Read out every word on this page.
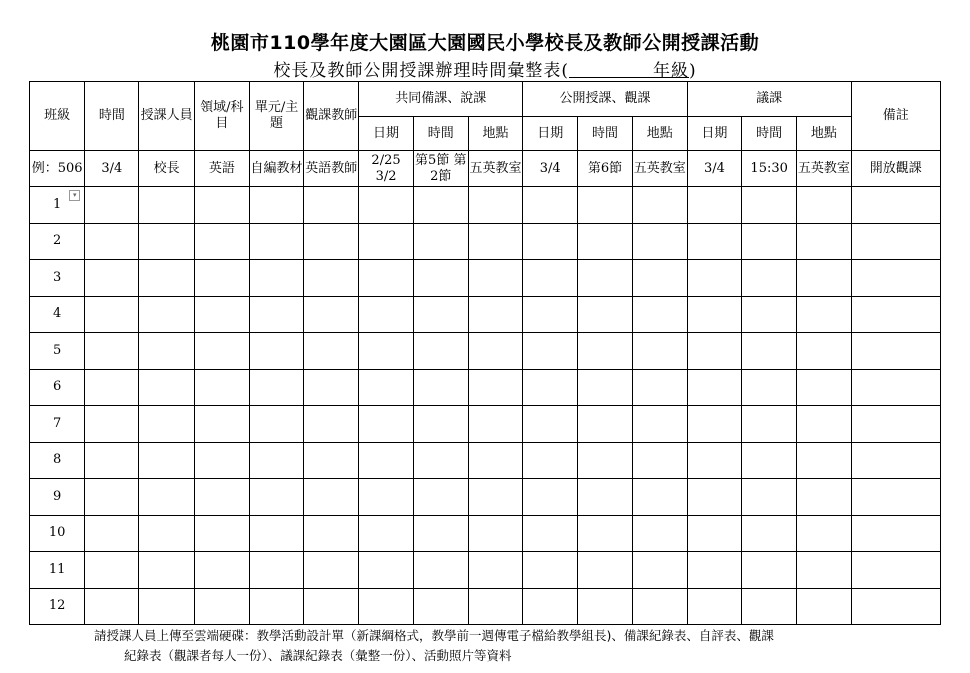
桃園市110學年度大園區大園國民小學校長及教師公開授課活動
校長及教師公開授課辦理時間彙整表(	年級)
班級	時間	授課人員	領域/科目	單元/主題	觀課教師	共同備課、說課			公開授課、觀課			議課			備註
						日期	時間	地點	日期	時間	地點	日期	時間	地點	
例：506	3/4	校長	英語	自編教材	英語教師	2/25 3/2	第5節 第2節	五英教室	3/4	第6節	五英教室	3/4	15:30	五英教室	開放觀課
1
▾															

2															
3															
4															
5															
6															
7															
8															
9															
10															
11															
12															
請授課人員上傳至雲端硬碟：教學活動設計單（新課綱格式，教學前一週傳電子檔給教學組長)、備課紀錄表、自評表、觀課
紀錄表（觀課者每人一份）、議課紀錄表（彙整一份）、活動照片等資料
